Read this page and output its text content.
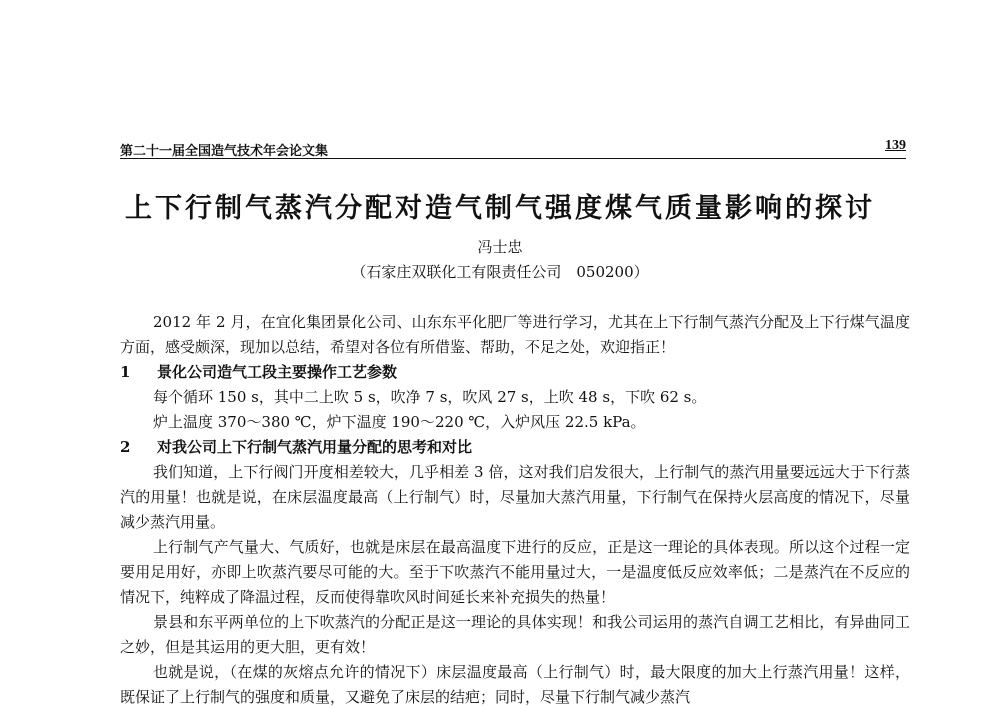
第二十一届全国造气技术年会论文集	139
上下行制气蒸汽分配对造气制气强度煤气质量影响的探讨
冯士忠
（石家庄双联化工有限责任公司　050200）

2012 年 2 月，在宜化集团景化公司、山东东平化肥厂等进行学习，尤其在上下行制气蒸汽分配及上下行煤气温度方面，感受颇深，现加以总结，希望对各位有所借鉴、帮助，不足之处，欢迎指正！

1	景化公司造气工段主要操作工艺参数

每个循环 150 s，其中二上吹 5 s，吹净 7 s，吹风 27 s，上吹 48 s，下吹 62 s。

炉上温度 370～380 ℃，炉下温度 190～220 ℃，入炉风压 22.5 kPa。

2	对我公司上下行制气蒸汽用量分配的思考和对比

我们知道，上下行阀门开度相差较大，几乎相差 3 倍，这对我们启发很大，上行制气的蒸汽用量要远远大于下行蒸汽的用量！也就是说，在床层温度最高（上行制气）时，尽量加大蒸汽用量，下行制气在保持火层高度的情况下，尽量减少蒸汽用量。

上行制气产气量大、气质好，也就是床层在最高温度下进行的反应，正是这一理论的具体表现。所以这个过程一定要用足用好，亦即上吹蒸汽要尽可能的大。至于下吹蒸汽不能用量过大，一是温度低反应效率低；二是蒸汽在不反应的情况下，纯粹成了降温过程，反而使得靠吹风时间延长来补充损失的热量！

景县和东平两单位的上下吹蒸汽的分配正是这一理论的具体实现！和我公司运用的蒸汽自调工艺相比，有异曲同工之妙，但是其运用的更大胆，更有效！

也就是说，（在煤的灰熔点允许的情况下）床层温度最高（上行制气）时，最大限度的加大上行蒸汽用量！这样，既保证了上行制气的强度和质量，又避免了床层的结疤；同时，尽量下行制气减少蒸汽
